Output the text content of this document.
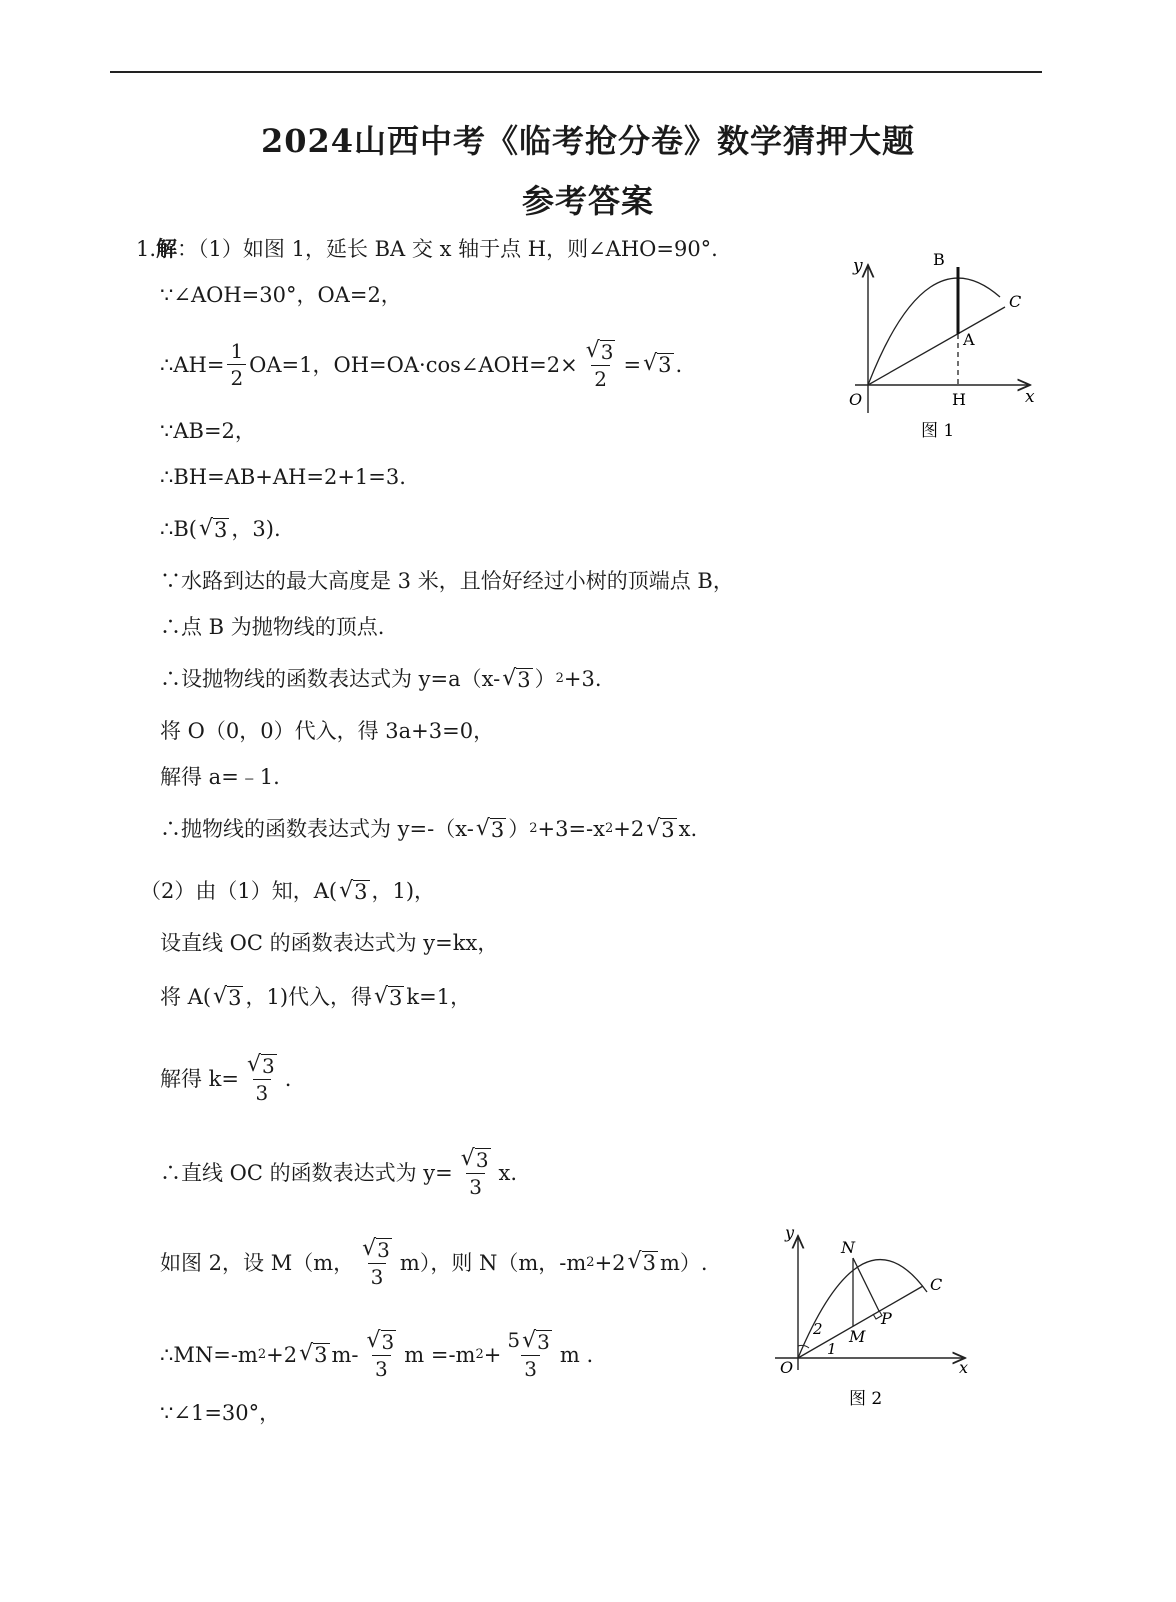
2024山西中考《临考抢分卷》数学猜押大题
参考答案
1. 解 ：（1）如图 1，延长 BA 交 x 轴于点 H，则∠AHO=90°.
∵∠AOH=30°，OA=2，
∴AH= $\frac{1}{2} OA=1$，OH=OA·cos∠AOH=2× $\frac{√ 3}{2}$ = √ 3 .
∵AB=2，
∴BH=AB+AH=2+1=3.
∴B( √ 3 ，3).
∵水路到达的最大高度是 3 米，且恰好经过小树的顶端点 B，
∴点 B 为抛物线的顶点.
∴设抛物线的函数表达式为 y=a（x- √ 3 ） 2 +3.
将 O（0，0）代入，得 3a+3=0，
解得 a=﹣1.
∴抛物线的函数表达式为 y=-（x- √ 3 ） 2 +3=-x 2 +2 √ 3 x.
（2）由（1）知，A( √ 3 ，1)，
设直线 OC 的函数表达式为 y=kx，
将 A( √ 3 ，1)代入，得 √ 3 k=1，
解得 $k= \frac{√ 3}{3}$ .
∴直线 OC 的函数表达式为 $y= \frac{√ 3}{3} x$.
如图 2，设 M（m， $\frac{√ 3}{3} m$），则 N（m，-m 2 +2 √ 3 m）.
∴MN=-m 2 +2 √ 3 $m- \frac{√ 3}{3}$ m =-m $2 + \frac{5 √ 3}{3}$ m .
∵∠1=30°，
y
x
O
B
C
A
H
图 1
y
x
O
N
C
P
M
2
1
图 2
